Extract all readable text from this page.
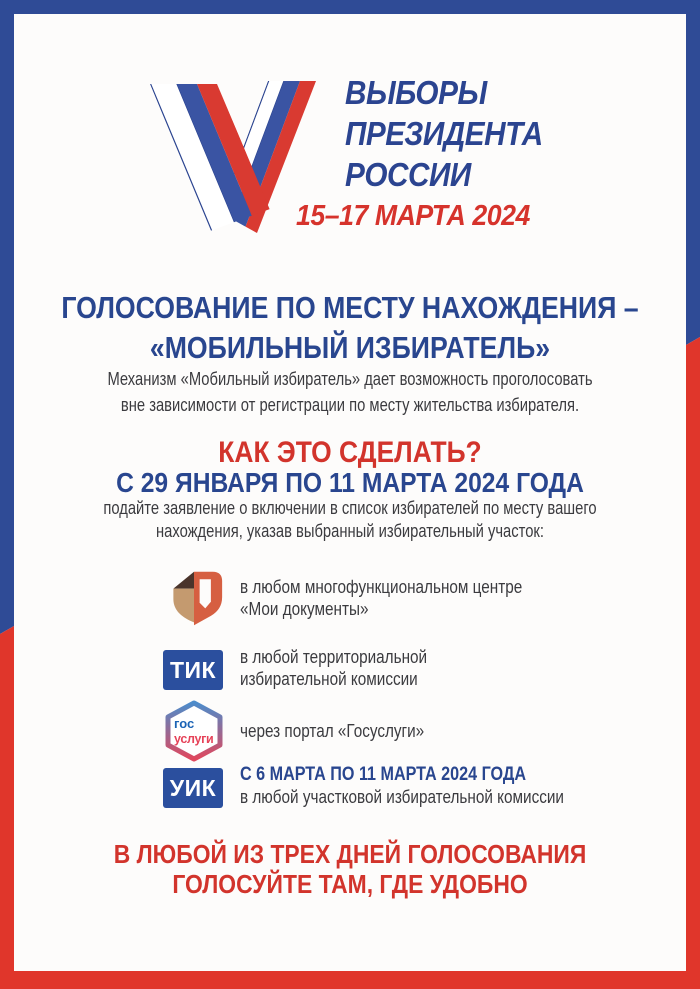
ВЫБОРЫ
ПРЕЗИДЕНТА
РОССИИ
15–17 МАРТА 2024
ГОЛОСОВАНИЕ ПО МЕСТУ НАХОЖДЕНИЯ –
«МОБИЛЬНЫЙ ИЗБИРАТЕЛЬ»
Механизм «Мобильный избиратель» дает возможность проголосовать
вне зависимости от регистрации по месту жительства избирателя.
КАК ЭТО СДЕЛАТЬ?
С 29 ЯНВАРЯ ПО 11 МАРТА 2024 ГОДА
подайте заявление о включении в список избирателей по месту вашего
нахождения, указав выбранный избирательный участок:
в любом многофункциональном центре
«Мои документы»
ТИК	в любой территориальной
избирательной комиссии
гос
услуги через портал «Госуслуги»
УИК	С 6 МАРТА ПО 11 МАРТА 2024 ГОДА
в любой участковой избирательной комиссии
В ЛЮБОЙ ИЗ ТРЕХ ДНЕЙ ГОЛОСОВАНИЯ
ГОЛОСУЙТЕ ТАМ, ГДЕ УДОБНО
